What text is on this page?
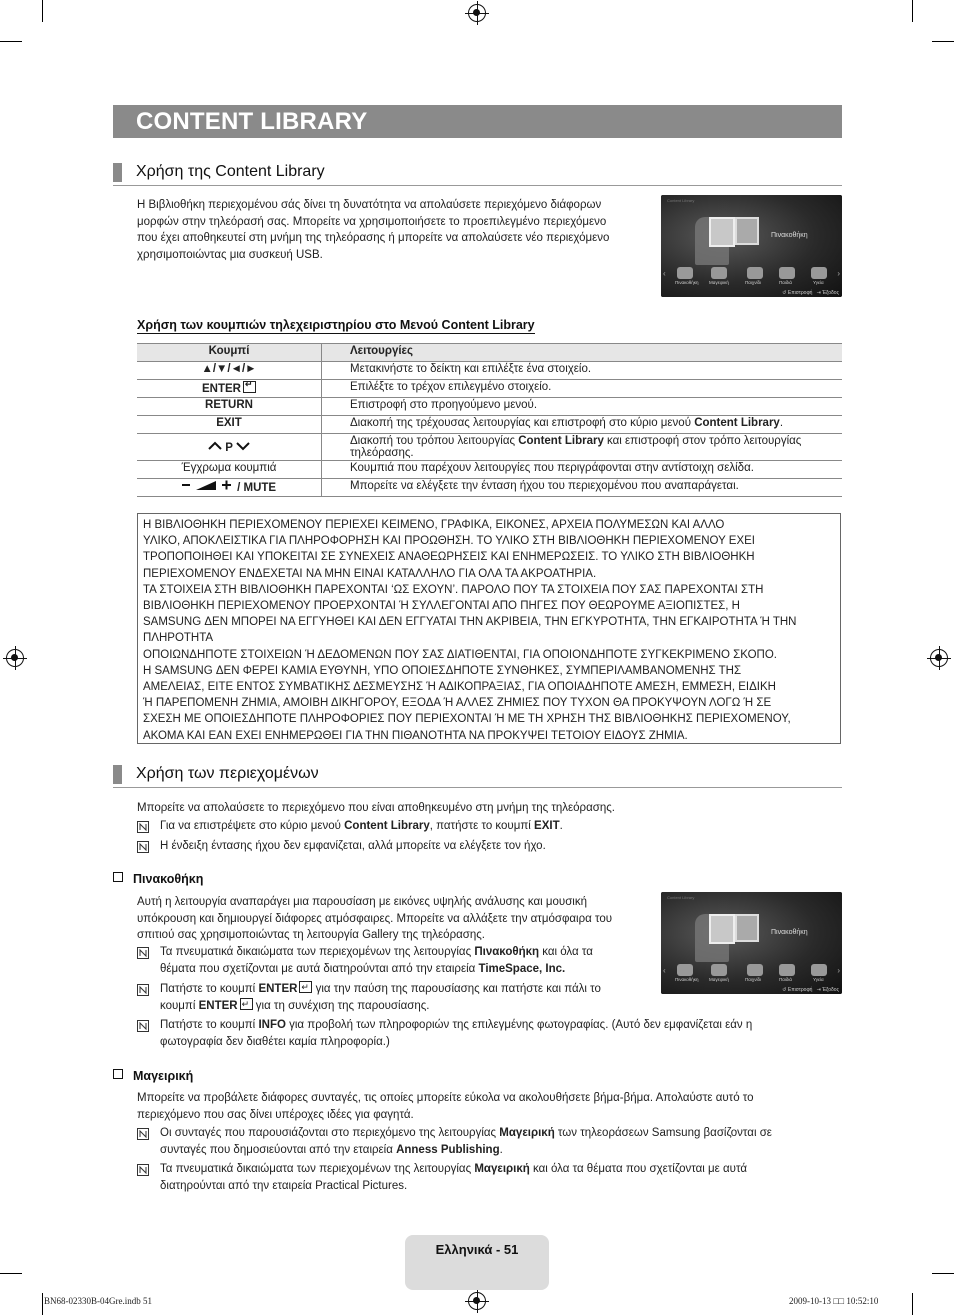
CONTENT LIBRARY
Χρήση της Content Library
Η Βιβλιοθήκη περιεχομένου σάς δίνει τη δυνατότητα να απολαύσετε περιεχόμενο διάφορων
μορφών στην τηλεόρασή σας. Μπορείτε να χρησιμοποιήσετε το προεπιλεγμένο περιεχόμενο
που έχει αποθηκευτεί στη μνήμη της τηλεόρασης ή μπορείτε να απολαύσετε νέο περιεχόμενο
χρησιμοποιώντας μια συσκευή USB.
Content Library
Πινακοθήκη
‹	›
Πινακοθήκη Μαγειρική	Παιχνίδι	Παιδιά	Υγεία
↺ Επιστροφή   ⇥ Έξοδος
Χρήση των κουμπιών τηλεχειριστηρίου στο Μενού Content Library
Κουμπί	Λειτουργίες
▲/▼/◄/►	Μετακινήστε το δείκτη και επιλέξτε ένα στοιχείο.
ENTER↵	Επιλέξτε το τρέχον επιλεγμένο στοιχείο.
RETURN	Επιστροφή στο προηγούμενο μενού.
EXIT	Διακοπή της τρέχουσας λειτουργίας και επιστροφή στο κύριο μενού Content Library.
P	Διακοπή του τρόπου λειτουργίας Content Library και επιστροφή στον τρόπο λειτουργίας
τηλεόρασης.

Έγχρωμα κουμπιά	Κουμπιά που παρέχουν λειτουργίες που περιγράφονται στην αντίστοιχη σελίδα.
/ MUTE	Μπορείτε να ελέγξετε την ένταση ήχου του περιεχομένου που αναπαράγεται.
Η ΒΙΒΛΙΟΘΗΚΗ ΠΕΡΙΕΧΟΜΕΝΟΥ ΠΕΡΙΕΧΕΙ ΚΕΙΜΕΝΟ, ΓΡΑΦΙΚΑ, ΕΙΚΟΝΕΣ, ΑΡΧΕΙΑ ΠΟΛΥΜΕΣΩΝ ΚΑΙ ΑΛΛΟ
ΥΛΙΚΟ, ΑΠΟΚΛΕΙΣΤΙΚΑ ΓΙΑ ΠΛΗΡΟΦΟΡΗΣΗ ΚΑΙ ΠΡΟΩΘΗΣΗ. ΤΟ ΥΛΙΚΟ ΣΤΗ ΒΙΒΛΙΟΘΗΚΗ ΠΕΡΙΕΧΟΜΕΝΟΥ ΕΧΕΙ
ΤΡΟΠΟΠΟΙΗΘΕΙ ΚΑΙ ΥΠΟΚΕΙΤΑΙ ΣΕ ΣΥΝΕΧΕΙΣ ΑΝΑΘΕΩΡΗΣΕΙΣ ΚΑΙ ΕΝΗΜΕΡΩΣΕΙΣ. ΤΟ ΥΛΙΚΟ ΣΤΗ ΒΙΒΛΙΟΘΗΚΗ
ΠΕΡΙΕΧΟΜΕΝΟΥ ΕΝΔΕΧΕΤΑΙ ΝΑ ΜΗΝ ΕΙΝΑΙ ΚΑΤΑΛΛΗΛΟ ΓΙΑ ΟΛΑ ΤΑ ΑΚΡΟΑΤΗΡΙΑ.
ΤΑ ΣΤΟΙΧΕΙΑ ΣΤΗ ΒΙΒΛΙΟΘΗΚΗ ΠΑΡΕΧΟΝΤΑΙ ‘ΩΣ ΕΧΟΥΝ’. ΠΑΡΟΛΟ ΠΟΥ ΤΑ ΣΤΟΙΧΕΙΑ ΠΟΥ ΣΑΣ ΠΑΡΕΧΟΝΤΑΙ ΣΤΗ
ΒΙΒΛΙΟΘΗΚΗ ΠΕΡΙΕΧΟΜΕΝΟΥ ΠΡΟΕΡΧΟΝΤΑΙ Ή ΣΥΛΛΕΓΟΝΤΑΙ ΑΠΟ ΠΗΓΕΣ ΠΟΥ ΘΕΩΡΟΥΜΕ ΑΞΙΟΠΙΣΤΕΣ, Η
SAMSUNG ΔΕΝ ΜΠΟΡΕΙ ΝΑ ΕΓΓΥΗΘΕΙ ΚΑΙ ΔΕΝ ΕΓΓΥΑΤΑΙ ΤΗΝ ΑΚΡΙΒΕΙΑ, ΤΗΝ ΕΓΚΥΡΟΤΗΤΑ, ΤΗΝ ΕΓΚΑΙΡΟΤΗΤΑ Ή ΤΗΝ
ΠΛΗΡΟΤΗΤΑ
ΟΠΟΙΩΝΔΗΠΟΤΕ ΣΤΟΙΧΕΙΩΝ Ή ΔΕΔΟΜΕΝΩΝ ΠΟΥ ΣΑΣ ΔΙΑΤΙΘΕΝΤΑΙ, ΓΙΑ ΟΠΟΙΟΝΔΗΠΟΤΕ ΣΥΓΚΕΚΡΙΜΕΝΟ ΣΚΟΠΟ.
Η SAMSUNG ΔΕΝ ΦΕΡΕΙ ΚΑΜΙΑ ΕΥΘΥΝΗ, ΥΠΟ ΟΠΟΙΕΣΔΗΠΟΤΕ ΣΥΝΘΗΚΕΣ, ΣΥΜΠΕΡΙΛΑΜΒΑΝΟΜΕΝΗΣ ΤΗΣ
ΑΜΕΛΕΙΑΣ, ΕΙΤΕ ΕΝΤΟΣ ΣΥΜΒΑΤΙΚΗΣ ΔΕΣΜΕΥΣΗΣ Ή ΑΔΙΚΟΠΡΑΞΙΑΣ, ΓΙΑ ΟΠΟΙΑΔΗΠΟΤΕ ΑΜΕΣΗ, ΕΜΜΕΣΗ, ΕΙΔΙΚΗ
Ή ΠΑΡΕΠΟΜΕΝΗ ΖΗΜΙΑ, ΑΜΟΙΒΗ ΔΙΚΗΓΟΡΟΥ, ΕΞΟΔΑ Ή ΑΛΛΕΣ ΖΗΜΙΕΣ ΠΟΥ ΤΥΧΟΝ ΘΑ ΠΡΟΚΥΨΟΥΝ ΛΟΓΩ Ή ΣΕ
ΣΧΕΣΗ ΜΕ ΟΠΟΙΕΣΔΗΠΟΤΕ ΠΛΗΡΟΦΟΡΙΕΣ ΠΟΥ ΠΕΡΙΕΧΟΝΤΑΙ Ή ΜΕ ΤΗ ΧΡΗΣΗ ΤΗΣ ΒΙΒΛΙΟΘΗΚΗΣ ΠΕΡΙΕΧΟΜΕΝΟΥ,
ΑΚΟΜΑ ΚΑΙ ΕΑΝ ΕΧΕΙ ΕΝΗΜΕΡΩΘΕΙ ΓΙΑ ΤΗΝ ΠΙΘΑΝΟΤΗΤΑ ΝΑ ΠΡΟΚΥΨΕΙ ΤΕΤΟΙΟΥ ΕΙΔΟΥΣ ΖΗΜΙΑ.
Χρήση των περιεχομένων
Μπορείτε να απολαύσετε το περιεχόμενο που είναι αποθηκευμένο στη μνήμη της τηλεόρασης.
Για να επιστρέψετε στο κύριο μενού Content Library, πατήστε το κουμπί EXIT.
Η ένδειξη έντασης ήχου δεν εμφανίζεται, αλλά μπορείτε να ελέγξετε τον ήχο.
Πινακοθήκη
Αυτή η λειτουργία αναπαράγει μια παρουσίαση με εικόνες υψηλής ανάλυσης και μουσική
υπόκρουση και δημιουργεί διάφορες ατμόσφαιρες. Μπορείτε να αλλάξετε την ατμόσφαιρα του
σπιτιού σας χρησιμοποιώντας τη λειτουργία Gallery της τηλεόρασης.
Content Library
Πινακοθήκη
‹	›
Πινακοθήκη Μαγειρική	Παιχνίδι	Παιδιά	Υγεία
↺ Επιστροφή   ⇥ Έξοδος
Τα πνευματικά δικαιώματα των περιεχομένων της λειτουργίας Πινακοθήκη και όλα τα
θέματα που σχετίζονται με αυτά διατηρούνται από την εταιρεία TimeSpace, Inc.
Πατήστε το κουμπί ENTER↵ για την παύση της παρουσίασης και πατήστε και πάλι το
κουμπί ENTER↵ για τη συνέχιση της παρουσίασης.
Πατήστε το κουμπί INFO για προβολή των πληροφοριών της επιλεγμένης φωτογραφίας. (Αυτό δεν εμφανίζεται εάν η
φωτογραφία δεν διαθέτει καμία πληροφορία.)
Μαγειρική
Μπορείτε να προβάλετε διάφορες συνταγές, τις οποίες μπορείτε εύκολα να ακολουθήσετε βήμα-βήμα. Απολαύστε αυτό το
περιεχόμενο που σας δίνει υπέροχες ιδέες για φαγητά.
Οι συνταγές που παρουσιάζονται στο περιεχόμενο της λειτουργίας Μαγειρική των τηλεοράσεων Samsung βασίζονται σε
συνταγές που δημοσιεύονται από την εταιρεία Anness Publishing.
Τα πνευματικά δικαιώματα των περιεχομένων της λειτουργίας Μαγειρική και όλα τα θέματα που σχετίζονται με αυτά
διατηρούνται από την εταιρεία Practical Pictures.
Ελληνικά - 51
BN68-02330B-04Gre.indb 51	2009-10-13 □□ 10:52:10
